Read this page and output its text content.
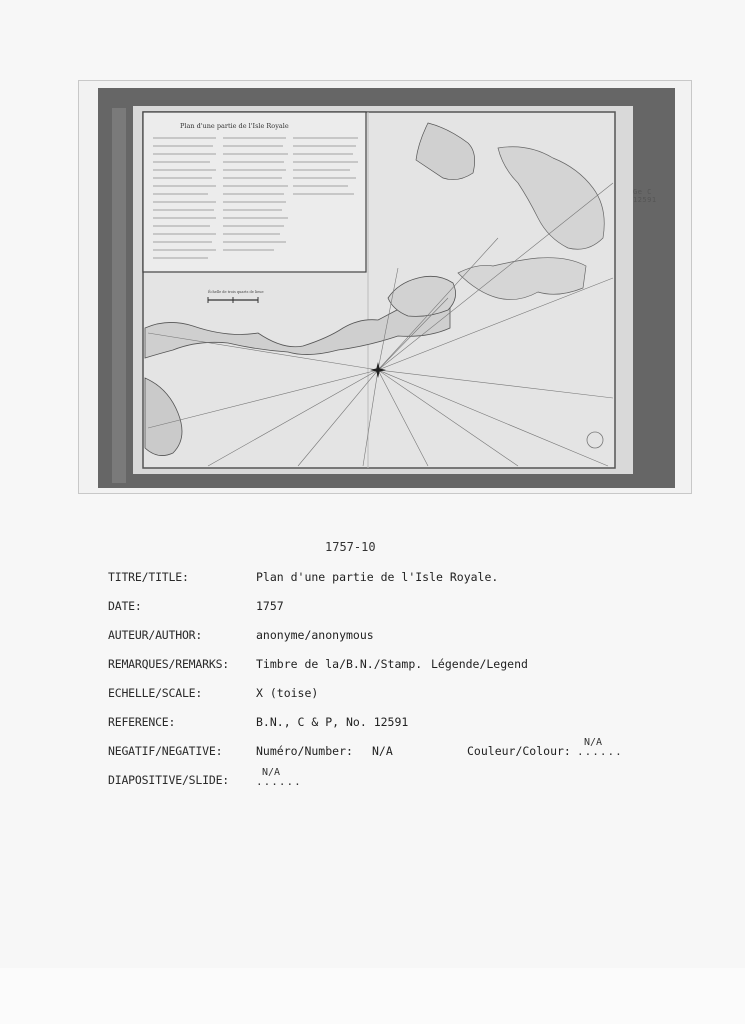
Plan d'une partie de l'Isle Royale
Échelle de trois quarts de lieue
Ge C 12591
1757-10
TITRE/TITLE:	Plan d'une partie de l'Isle Royale.
DATE:	1757
AUTEUR/AUTHOR:	anonyme/anonymous
REMARQUES/REMARKS: Timbre de la/B.N./Stamp. Légende/Legend
ECHELLE/SCALE:	X (toise)
REFERENCE:	B.N., C & P, No. 12591
NEGATIF/NEGATIVE:	Numéro/Number: N/A	Couleur/Colour:
N/A
......
DIAPOSITIVE/SLIDE:
N/A
......
